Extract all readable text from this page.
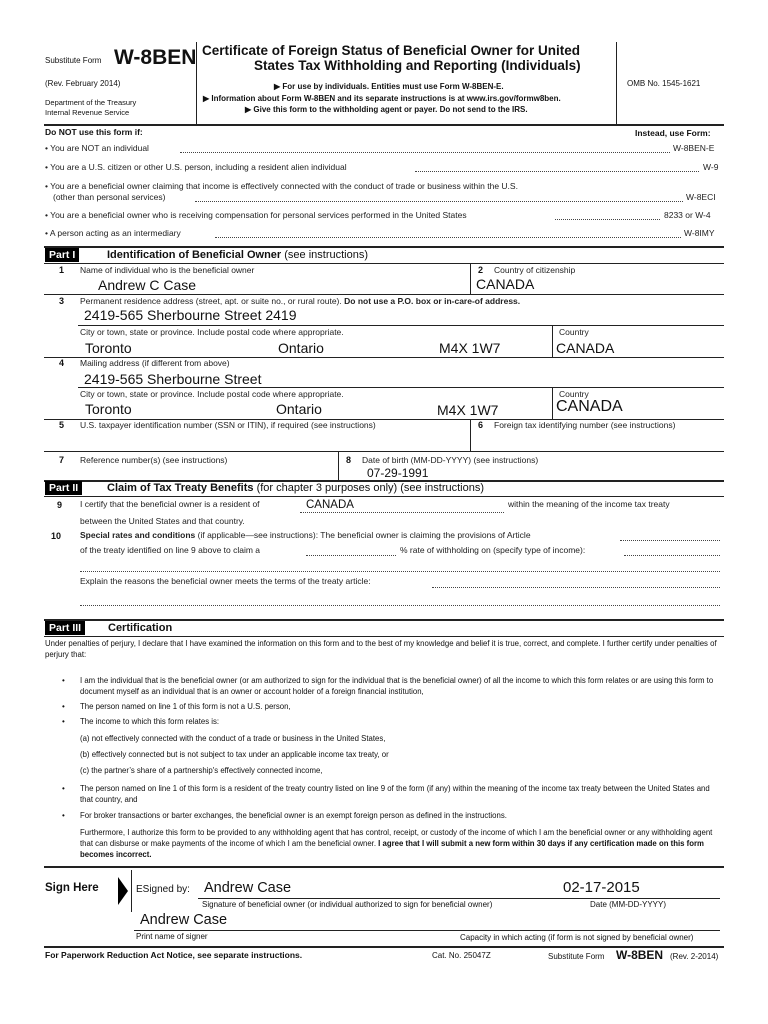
Substitute Form W-8BEN
(Rev. February 2014)
Department of the Treasury
Internal Revenue Service
Certificate of Foreign Status of Beneficial Owner for United
States Tax Withholding and Reporting (Individuals)
▶ For use by individuals. Entities must use Form W-8BEN-E.
▶ Information about Form W-8BEN and its separate instructions is at www.irs.gov/formw8ben.
▶ Give this form to the withholding agent or payer. Do not send to the IRS.
OMB No. 1545-1621
Do NOT use this form if:	Instead, use Form:
• You are NOT an individual	W-8BEN-E
• You are a U.S. citizen or other U.S. person, including a resident alien individual	W-9
• You are a beneficial owner claiming that income is effectively connected with the conduct of trade or business within the U.S.
(other than personal services)	W-8ECI
• You are a beneficial owner who is receiving compensation for personal services performed in the United States	8233 or W-4
• A person acting as an intermediary	W-8IMY
Part I	Identification of Beneficial Owner (see instructions)
1 Name of individual who is the beneficial owner
Andrew C Case
2 Country of citizenship
CANADA
3 Permanent residence address (street, apt. or suite no., or rural route). Do not use a P.O. box or in-care-of address.
2419-565 Sherbourne Street 2419
City or town, state or province. Include postal code where appropriate.	Country
Toronto	Ontario	M4X 1W7	CANADA
4 Mailing address (if different from above)
2419-565 Sherbourne Street
City or town, state or province. Include postal code where appropriate.	Country
Toronto	Ontario	M4X 1W7	CANADA
5 U.S. taxpayer identification number (SSN or ITIN), if required (see instructions)	6 Foreign tax identifying number (see instructions)
7 Reference number(s) (see instructions)	8 Date of birth (MM-DD-YYYY) (see instructions)
07-29-1991
Part II	Claim of Tax Treaty Benefits (for chapter 3 purposes only) (see instructions)
9 I certify that the beneficial owner is a resident of	CANADA	within the meaning of the income tax treaty
between the United States and that country.
10 Special rates and conditions (if applicable—see instructions): The beneficial owner is claiming the provisions of Article
of the treaty identified on line 9 above to claim a	% rate of withholding on (specify type of income):
Explain the reasons the beneficial owner meets the terms of the treaty article:
Part III	Certification
Under penalties of perjury, I declare that I have examined the information on this form and to the best of my knowledge and belief it is true, correct, and complete. I further certify under penalties of perjury that:
• I am the individual that is the beneficial owner (or am authorized to sign for the individual that is the beneficial owner) of all the income to which this form relates or are using this form to document myself as an individual that is an owner or account holder of a foreign financial institution,
• The person named on line 1 of this form is not a U.S. person,
• The income to which this form relates is:
(a) not effectively connected with the conduct of a trade or business in the United States,
(b) effectively connected but is not subject to tax under an applicable income tax treaty, or
(c) the partner’s share of a partnership's effectively connected income,
• The person named on line 1 of this form is a resident of the treaty country listed on line 9 of the form (if any) within the meaning of the income tax treaty between the United States and that country, and
• For broker transactions or barter exchanges, the beneficial owner is an exempt foreign person as defined in the instructions.
Furthermore, I authorize this form to be provided to any withholding agent that has control, receipt, or custody of the income of which I am the beneficial owner or any withholding agent that can disburse or make payments of the income of which I am the beneficial owner. I agree that I will submit a new form within 30 days if any certification made on this form becomes incorrect.
Sign Here	ESigned by: Andrew Case	02-17-2015
Signature of beneficial owner (or individual authorized to sign for beneficial owner)	Date (MM-DD-YYYY)
Andrew Case
Print name of signer	Capacity in which acting (if form is not signed by beneficial owner)
For Paperwork Reduction Act Notice, see separate instructions.	Cat. No. 25047Z	Substitute Form W-8BEN (Rev. 2-2014)
